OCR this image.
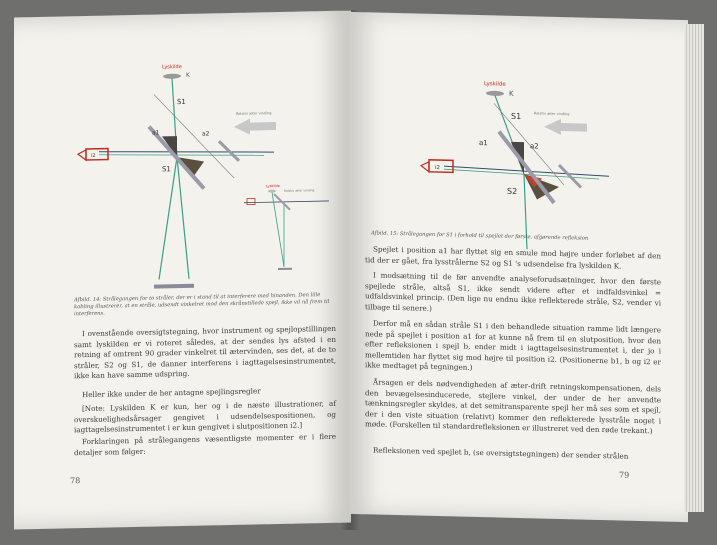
Lyskilde
K
i2
S1
a1	a2
S1
Relativ æter vinding
Lyskilde
Relativ æter vinding
Afbild. 14: Strålegangen for to stråler, der er i stand til at interferere med hinanden. Den lille kobling illustrerer, at en stråle, udsendt vinkelret mod den skrånstillede spejl, ikke vil nå frem til interferens.

I ovenstående oversigtstegning, hvor instrument og spejlopstillingen samt lyskilden er vi roteret således, at der sendes lys afsted i en retning af omtrent 90 grader vinkelret til ætervinden, ses det, at de to stråler, S2 og S1, de danner interferens i iagttagelsesinstrumentet, ikke kan have samme udspring.

Heller ikke under de her antagne spejlingsregler

[Note: Lyskilden K er kun, her og i de næste illustrationer, af overskuelighedsårsager gengivet i udsendelsespositionen, og iagttagelsesinstrumentet i er kun gengivet i slutpositionen i2.]

Forklaringen på strålegangens væsentligste momenter er i flere detaljer som følger:

78
Lyskilde
K
i2
S1
a1	a2
S2
Relativ æter vinding
Afbild. 15: Strålegangen for S1 i forhold til spejlet der første, afgørende refleksion

Spejlet i position a1 har flyttet sig en smule mod højre under forløbet af den tid der er gået, fra lysstrålerne S2 og S1 's udsendelse fra lyskilden K.

I modsætning til de før anvendte analyseforudsætninger, hvor den første spejlede stråle, altså S1, ikke sendt videre efter et indfaldsvinkel = udfaldsvinkel princip. (Den lige nu endnu ikke reflekterede stråle, S2, vender vi tilbage til senere.)

Derfor må en sådan stråle S1 i den behandlede situation ramme lidt længere nede på spejlet i position a1 for at kunne nå frem til en slutposition, hvor den efter refleksionen i spejl b, ender midt i iagttagelsesinstrumentet i, der jo i mellemtiden har flyttet sig mod højre til position i2. (Positionerne b1, b og i2 er ikke medtaget på tegningen.)

Årsagen er dels nødvendigheden af æter-drift retningskompensationen, dels den bevægelsesinducerede, stejlere vinkel, der under de her anvendte tænkningsregler skyldes, at det semitransparente spejl her må ses som et spejl, der i den viste situation (relativt) kommer den reflekterede lysstråle noget i møde. (Forskellen til standardrefleksionen er illustreret ved den røde trekant.)

Refleksionen ved spejlet b, (se oversigtstegningen) der sender strålen

79
